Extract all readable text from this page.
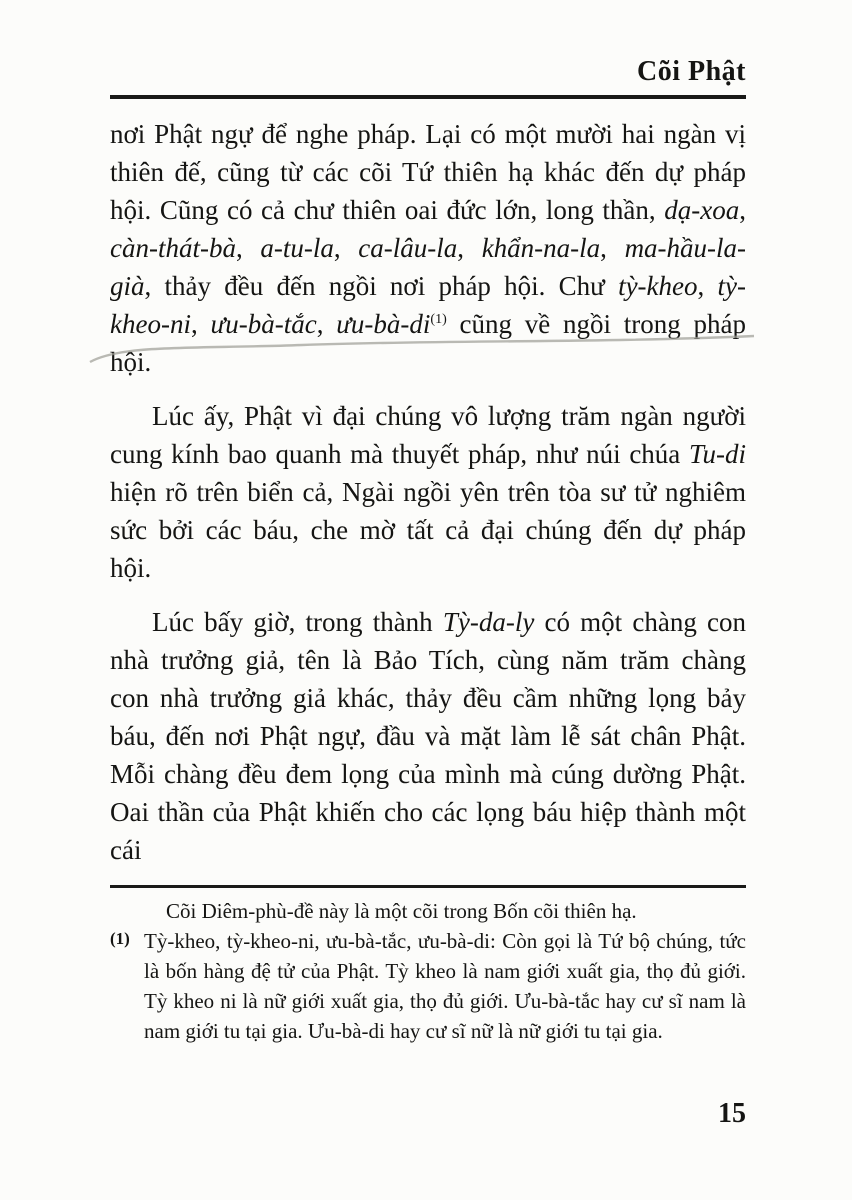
Cõi Phật

nơi Phật ngự để nghe pháp. Lại có một mười hai ngàn vị thiên đế, cũng từ các cõi Tứ thiên hạ khác đến dự pháp hội. Cũng có cả chư thiên oai đức lớn, long thần, dạ-xoa, càn-thát-bà, a-tu-la, ca-lâu-la, khẩn-na-la, ma-hầu-la-già, thảy đều đến ngồi nơi pháp hội. Chư tỳ-kheo, tỳ-kheo-ni, ưu-bà-tắc, $ưu-bà-di^{(1)}$ cũng về ngồi trong pháp hội.

Lúc ấy, Phật vì đại chúng vô lượng trăm ngàn người cung kính bao quanh mà thuyết pháp, như núi chúa Tu-di hiện rõ trên biển cả, Ngài ngồi yên trên tòa sư tử nghiêm sức bởi các báu, che mờ tất cả đại chúng đến dự pháp hội.

Lúc bấy giờ, trong thành Tỳ-da-ly có một chàng con nhà trưởng giả, tên là Bảo Tích, cùng năm trăm chàng con nhà trưởng giả khác, thảy đều cầm những lọng bảy báu, đến nơi Phật ngự, đầu và mặt làm lễ sát chân Phật. Mỗi chàng đều đem lọng của mình mà cúng dường Phật. Oai thần của Phật khiến cho các lọng báu hiệp thành một cái

Cõi Diêm-phù-đề này là một cõi trong Bốn cõi thiên hạ.
(1) Tỳ-kheo, tỳ-kheo-ni, ưu-bà-tắc, ưu-bà-di: Còn gọi là Tứ bộ chúng, tức là bốn hàng đệ tử của Phật. Tỳ kheo là nam giới xuất gia, thọ đủ giới. Tỳ kheo ni là nữ giới xuất gia, thọ đủ giới. Ưu-bà-tắc hay cư sĩ nam là nam giới tu tại gia. Ưu-bà-di hay cư sĩ nữ là nữ giới tu tại gia.
15
